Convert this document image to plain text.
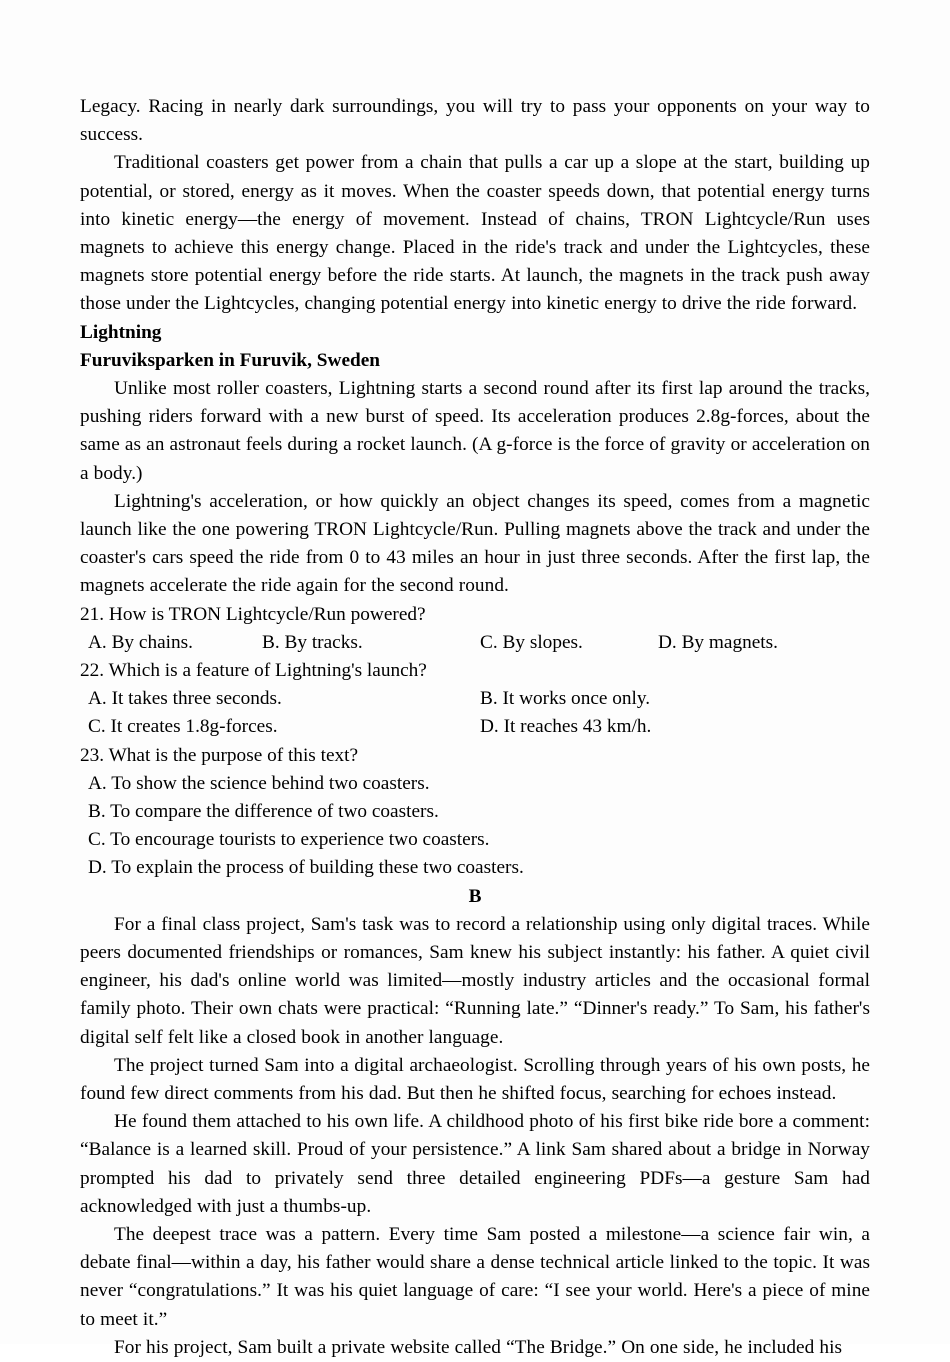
Legacy. Racing in nearly dark surroundings, you will try to pass your opponents on your way to success.

Traditional coasters get power from a chain that pulls a car up a slope at the start, building up potential, or stored, energy as it moves. When the coaster speeds down, that potential energy turns into kinetic energy—the energy of movement. Instead of chains, TRON Lightcycle/Run uses magnets to achieve this energy change. Placed in the ride's track and under the Lightcycles, these magnets store potential energy before the ride starts. At launch, the magnets in the track push away those under the Lightcycles, changing potential energy into kinetic energy to drive the ride forward.

Lightning
Furuviksparken in Furuvik, Sweden

Unlike most roller coasters, Lightning starts a second round after its first lap around the tracks, pushing riders forward with a new burst of speed. Its acceleration produces 2.8g-forces, about the same as an astronaut feels during a rocket launch. (A g-force is the force of gravity or acceleration on a body.)

Lightning's acceleration, or how quickly an object changes its speed, comes from a magnetic launch like the one powering TRON Lightcycle/Run. Pulling magnets above the track and under the coaster's cars speed the ride from 0 to 43 miles an hour in just three seconds. After the first lap, the magnets accelerate the ride again for the second round.

21. How is TRON Lightcycle/Run powered?

A. By chains.	B. By tracks.	C. By slopes.	D. By magnets.

22. Which is a feature of Lightning's launch?

A. It takes three seconds.	B. It works once only.
C. It creates 1.8g-forces.	D. It reaches 43 km/h.

23. What is the purpose of this text?

A. To show the science behind two coasters.

B. To compare the difference of two coasters.

C. To encourage tourists to experience two coasters.

D. To explain the process of building these two coasters.

B

For a final class project, Sam's task was to record a relationship using only digital traces. While peers documented friendships or romances, Sam knew his subject instantly: his father. A quiet civil engineer, his dad's online world was limited—mostly industry articles and the occasional formal family photo. Their own chats were practical: “Running late.” “Dinner's ready.” To Sam, his father's digital self felt like a closed book in another language.

The project turned Sam into a digital archaeologist. Scrolling through years of his own posts, he found few direct comments from his dad. But then he shifted focus, searching for echoes instead.

He found them attached to his own life. A childhood photo of his first bike ride bore a comment: “Balance is a learned skill. Proud of your persistence.” A link Sam shared about a bridge in Norway prompted his dad to privately send three detailed engineering PDFs—a gesture Sam had acknowledged with just a thumbs-up.

The deepest trace was a pattern. Every time Sam posted a milestone—a science fair win, a debate final—within a day, his father would share a dense technical article linked to the topic. It was never “congratulations.” It was his quiet language of care: “I see your world. Here's a piece of mine to meet it.”

For his project, Sam built a private website called “The Bridge.” On one side, he included his
